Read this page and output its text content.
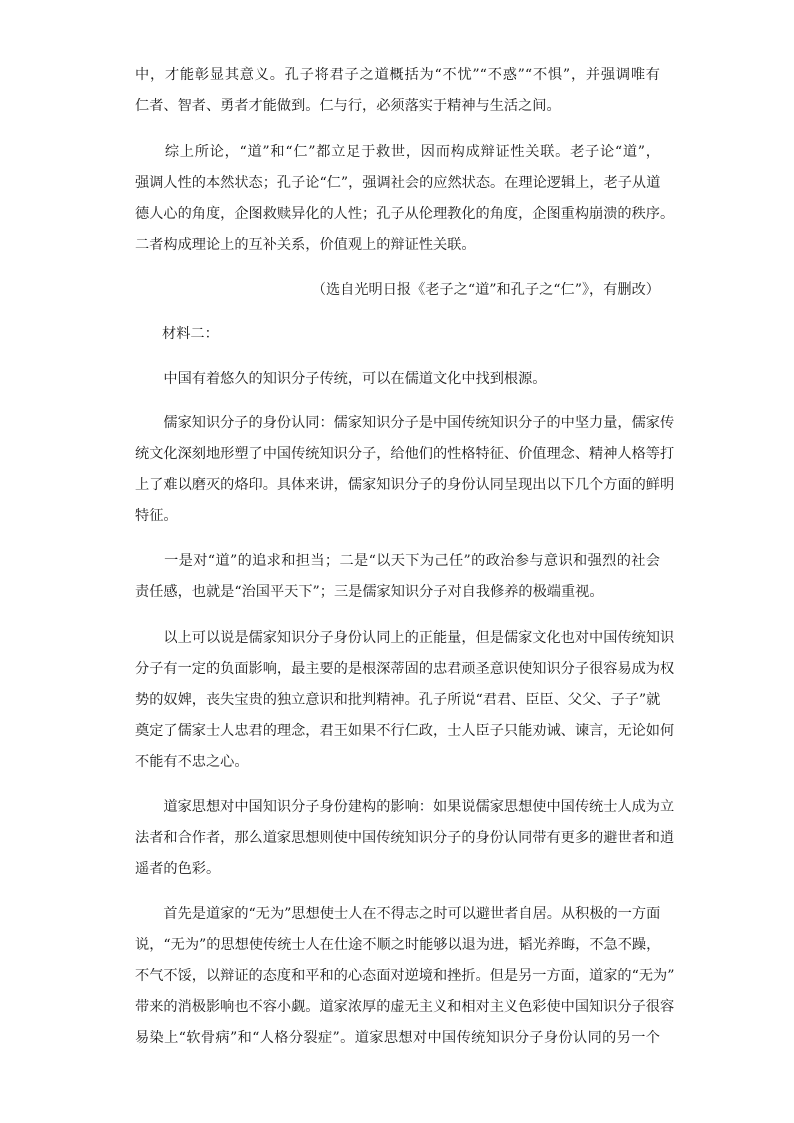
中，才能彰显其意义。孔子将君子之道概括为“不忧”“不惑”“不惧”，并强调唯有
仁者、智者、勇者才能做到。仁与行，必须落实于精神与生活之间。
　　综上所论，“道”和“仁”都立足于救世，因而构成辩证性关联。老子论“道”，
强调人性的本然状态；孔子论“仁”，强调社会的应然状态。在理论逻辑上，老子从道
德人心的角度，企图救赎异化的人性；孔子从伦理教化的角度，企图重构崩溃的秩序。
二者构成理论上的互补关系，价值观上的辩证性关联。
（选自光明日报《老子之“道”和孔子之“仁”》，有删改）
材料二：
　　中国有着悠久的知识分子传统，可以在儒道文化中找到根源。
　　儒家知识分子的身份认同：儒家知识分子是中国传统知识分子的中坚力量，儒家传
统文化深刻地形塑了中国传统知识分子，给他们的性格特征、价值理念、精神人格等打
上了难以磨灭的烙印。具体来讲，儒家知识分子的身份认同呈现出以下几个方面的鲜明
特征。
　　一是对“道”的追求和担当；二是“以天下为己任”的政治参与意识和强烈的社会
责任感，也就是“治国平天下”；三是儒家知识分子对自我修养的极端重视。
　　以上可以说是儒家知识分子身份认同上的正能量，但是儒家文化也对中国传统知识
分子有一定的负面影响，最主要的是根深蒂固的忠君顽圣意识使知识分子很容易成为权
势的奴婢，丧失宝贵的独立意识和批判精神。孔子所说“君君、臣臣、父父、子子”就
奠定了儒家士人忠君的理念，君王如果不行仁政，士人臣子只能劝诫、谏言，无论如何
不能有不忠之心。
　　道家思想对中国知识分子身份建构的影响：如果说儒家思想使中国传统士人成为立
法者和合作者，那么道家思想则使中国传统知识分子的身份认同带有更多的避世者和逍
遥者的色彩。
　　首先是道家的“无为”思想使士人在不得志之时可以避世者自居。从积极的一方面
说，“无为”的思想使传统士人在仕途不顺之时能够以退为进，韬光养晦，不急不躁，
不气不馁，以辩证的态度和平和的心态面对逆境和挫折。但是另一方面，道家的“无为”
带来的消极影响也不容小觑。道家浓厚的虚无主义和相对主义色彩使中国知识分子很容
易染上“软骨病”和“人格分裂症”。道家思想对中国传统知识分子身份认同的另一个
